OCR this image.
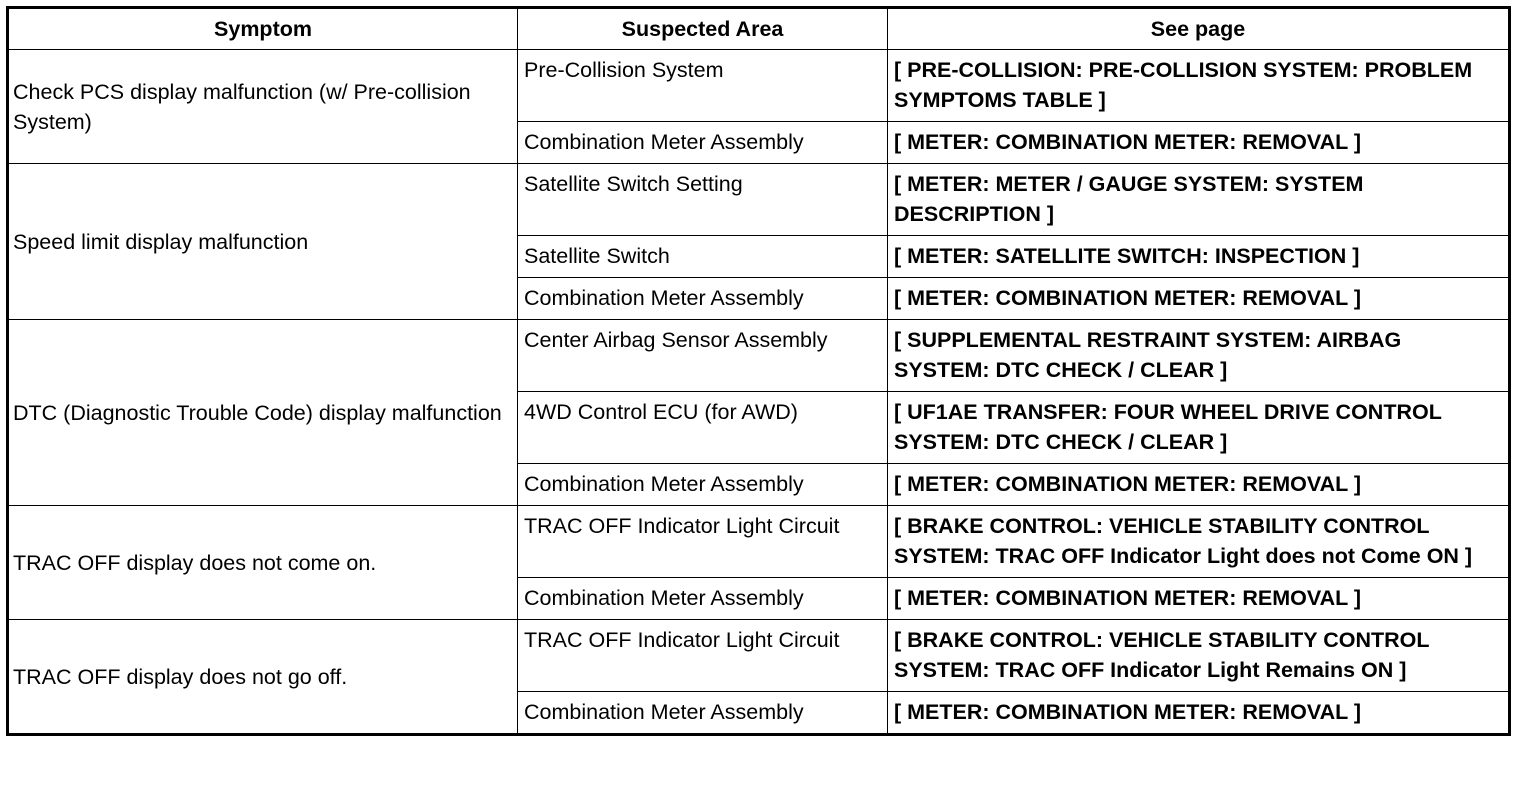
Symptom	Suspected Area	See page
Check PCS display malfunction (w/ Pre-collision System)	Pre-Collision System	[ PRE-COLLISION: PRE-COLLISION SYSTEM: PROBLEM SYMPTOMS TABLE ]
	Combination Meter Assembly	[ METER: COMBINATION METER: REMOVAL ]
Speed limit display malfunction	Satellite Switch Setting	[ METER: METER / GAUGE SYSTEM: SYSTEM DESCRIPTION ]
	Satellite Switch	[ METER: SATELLITE SWITCH: INSPECTION ]
	Combination Meter Assembly	[ METER: COMBINATION METER: REMOVAL ]
DTC (Diagnostic Trouble Code) display malfunction	Center Airbag Sensor Assembly	[ SUPPLEMENTAL RESTRAINT SYSTEM: AIRBAG SYSTEM: DTC CHECK / CLEAR ]
	4WD Control ECU (for AWD)	[ UF1AE TRANSFER: FOUR WHEEL DRIVE CONTROL SYSTEM: DTC CHECK / CLEAR ]
	Combination Meter Assembly	[ METER: COMBINATION METER: REMOVAL ]
TRAC OFF display does not come on.	TRAC OFF Indicator Light Circuit	[ BRAKE CONTROL: VEHICLE STABILITY CONTROL SYSTEM: TRAC OFF Indicator Light does not Come ON ]
	Combination Meter Assembly	[ METER: COMBINATION METER: REMOVAL ]
TRAC OFF display does not go off.	TRAC OFF Indicator Light Circuit	[ BRAKE CONTROL: VEHICLE STABILITY CONTROL SYSTEM: TRAC OFF Indicator Light Remains ON ]
	Combination Meter Assembly	[ METER: COMBINATION METER: REMOVAL ]
